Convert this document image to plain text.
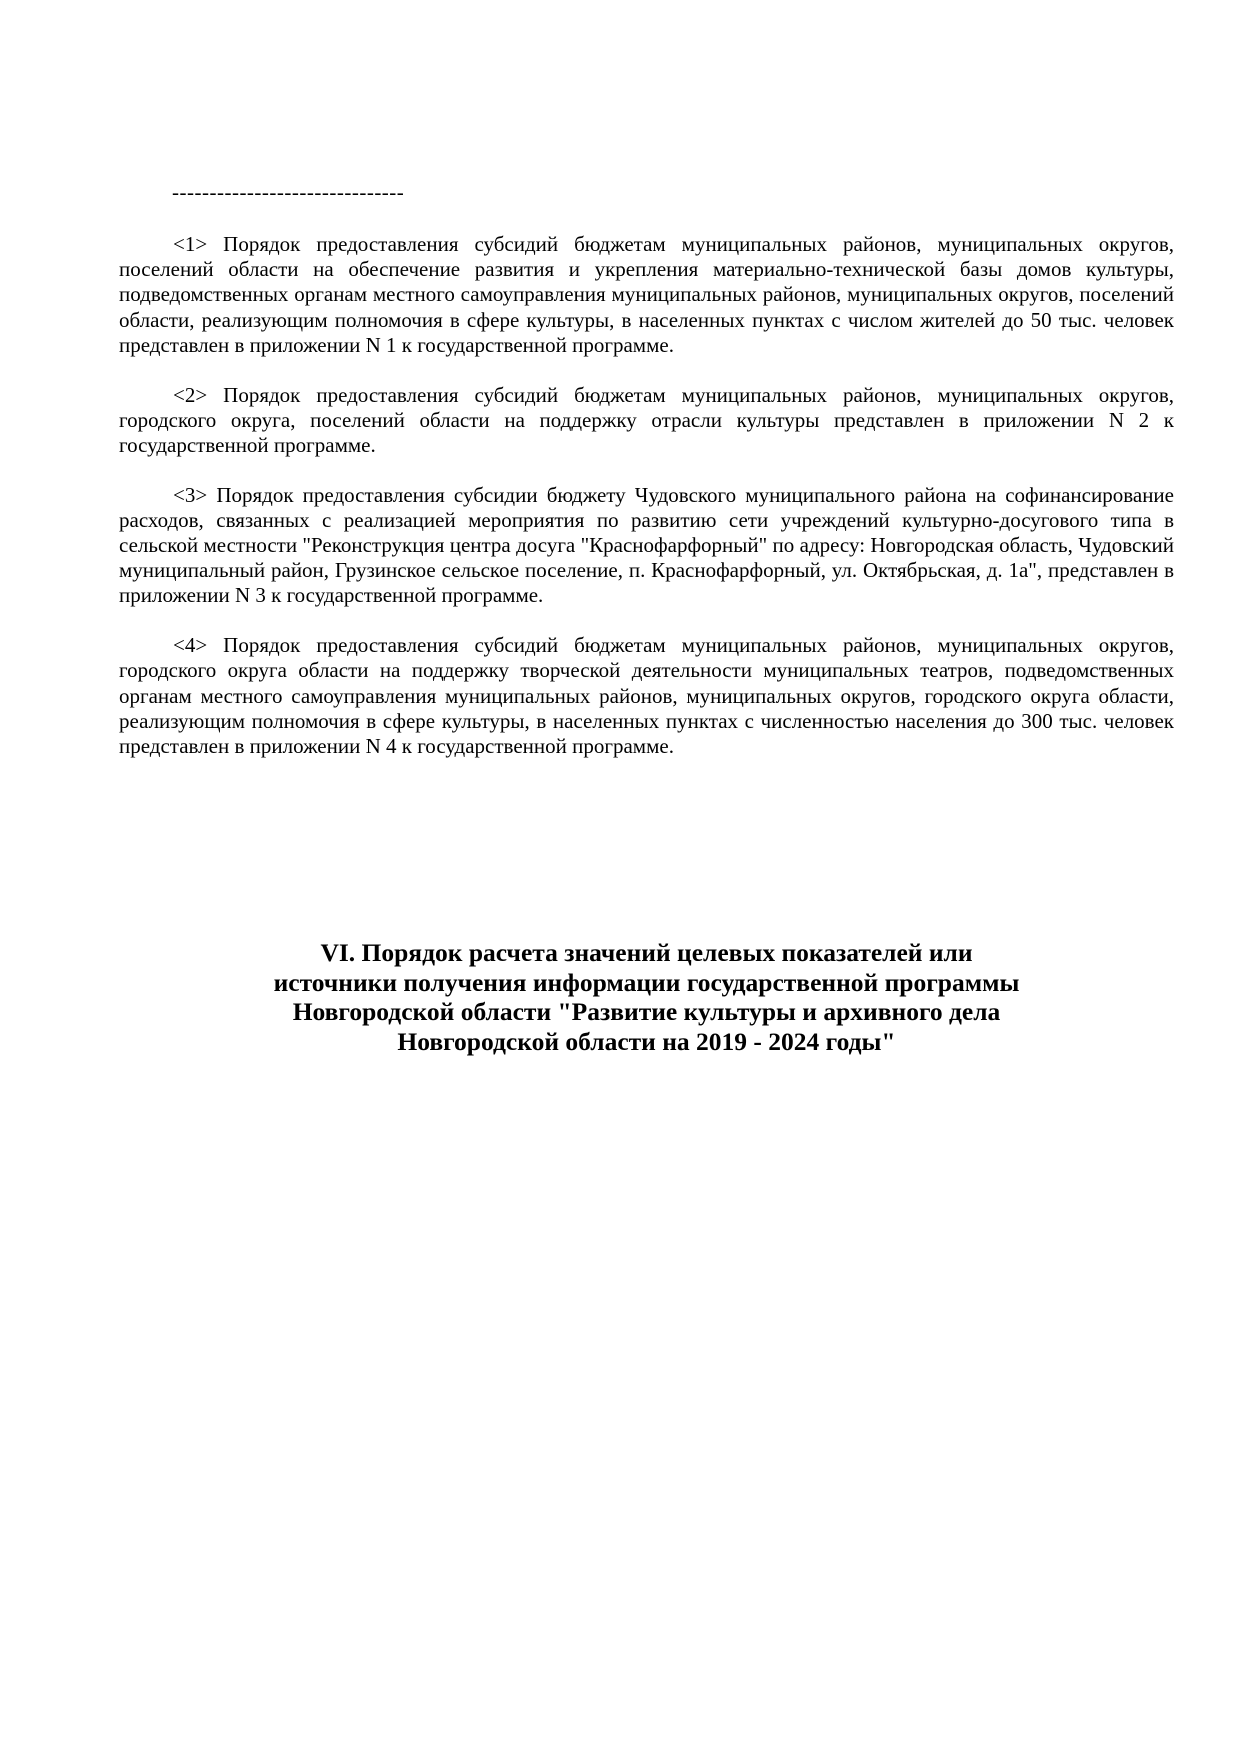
-------------------------------

<1> Порядок предоставления субсидий бюджетам муниципальных районов, муниципальных округов, поселений области на обеспечение развития и укрепления материально-технической базы домов культуры, подведомственных органам местного самоуправления муниципальных районов, муниципальных округов, поселений области, реализующим полномочия в сфере культуры, в населенных пунктах с числом жителей до 50 тыс. человек представлен в приложении N 1 к государственной программе.

<2> Порядок предоставления субсидий бюджетам муниципальных районов, муниципальных округов, городского округа, поселений области на поддержку отрасли культуры представлен в приложении N 2 к государственной программе.

<3> Порядок предоставления субсидии бюджету Чудовского муниципального района на софинансирование расходов, связанных с реализацией мероприятия по развитию сети учреждений культурно-досугового типа в сельской местности "Реконструкция центра досуга "Краснофарфорный" по адресу: Новгородская область, Чудовский муниципальный район, Грузинское сельское поселение, п. Краснофарфорный, ул. Октябрьская, д. 1а", представлен в приложении N 3 к государственной программе.

<4> Порядок предоставления субсидий бюджетам муниципальных районов, муниципальных округов, городского округа области на поддержку творческой деятельности муниципальных театров, подведомственных органам местного самоуправления муниципальных районов, муниципальных округов, городского округа области, реализующим полномочия в сфере культуры, в населенных пунктах с численностью населения до 300 тыс. человек представлен в приложении N 4 к государственной программе.

VI. Порядок расчета значений целевых показателей или
источники получения информации государственной программы
Новгородской области "Развитие культуры и архивного дела
Новгородской области на 2019 - 2024 годы"
